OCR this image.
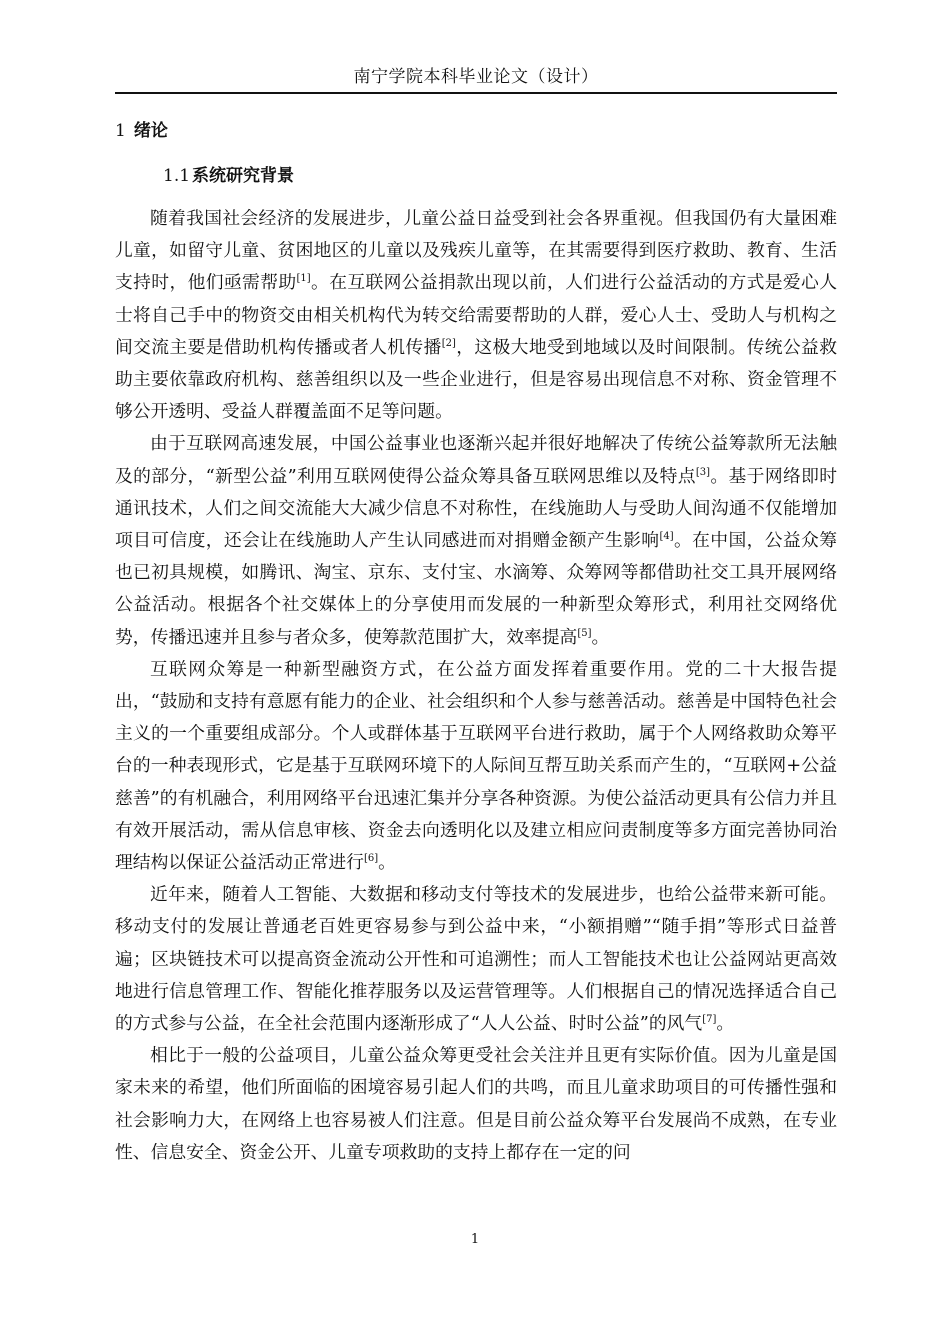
南宁学院本科毕业论文（设计）
1 绪论
1.1 系统研究背景

随着我国社会经济的发展进步，儿童公益日益受到社会各界重视。但我国仍有大量困难儿童，如留守儿童、贫困地区的儿童以及残疾儿童等，在其需要得到医疗救助、教育、生活支持时，他们亟需帮助[1]。在互联网公益捐款出现以前，人们进行公益活动的方式是爱心人士将自己手中的物资交由相关机构代为转交给需要帮助的人群，爱心人士、受助人与机构之间交流主要是借助机构传播或者人机传播[2]，这极大地受到地域以及时间限制。传统公益救助主要依靠政府机构、慈善组织以及一些企业进行，但是容易出现信息不对称、资金管理不够公开透明、受益人群覆盖面不足等问题。

由于互联网高速发展，中国公益事业也逐渐兴起并很好地解决了传统公益筹款所无法触及的部分，“新型公益”利用互联网使得公益众筹具备互联网思维以及特点[3]。基于网络即时通讯技术，人们之间交流能大大减少信息不对称性，在线施助人与受助人间沟通不仅能增加项目可信度，还会让在线施助人产生认同感进而对捐赠金额产生影响[4]。在中国，公益众筹也已初具规模，如腾讯、淘宝、京东、支付宝、水滴筹、众筹网等都借助社交工具开展网络公益活动。根据各个社交媒体上的分享使用而发展的一种新型众筹形式，利用社交网络优势，传播迅速并且参与者众多，使筹款范围扩大，效率提高[5]。

互联网众筹是一种新型融资方式，在公益方面发挥着重要作用。党的二十大报告提出，“鼓励和支持有意愿有能力的企业、社会组织和个人参与慈善活动。慈善是中国特色社会主义的一个重要组成部分。个人或群体基于互联网平台进行救助，属于个人网络救助众筹平台的一种表现形式，它是基于互联网环境下的人际间互帮互助关系而产生的，“互联网+公益慈善”的有机融合，利用网络平台迅速汇集并分享各种资源。为使公益活动更具有公信力并且有效开展活动，需从信息审核、资金去向透明化以及建立相应问责制度等多方面完善协同治理结构以保证公益活动正常进行[6]。

近年来，随着人工智能、大数据和移动支付等技术的发展进步，也给公益带来新可能。移动支付的发展让普通老百姓更容易参与到公益中来，“小额捐赠”“随手捐”等形式日益普遍；区块链技术可以提高资金流动公开性和可追溯性；而人工智能技术也让公益网站更高效地进行信息管理工作、智能化推荐服务以及运营管理等。人们根据自己的情况选择适合自己的方式参与公益，在全社会范围内逐渐形成了“人人公益、时时公益”的风气[7]。

相比于一般的公益项目，儿童公益众筹更受社会关注并且更有实际价值。因为儿童是国家未来的希望，他们所面临的困境容易引起人们的共鸣，而且儿童求助项目的可传播性强和社会影响力大，在网络上也容易被人们注意。但是目前公益众筹平台发展尚不成熟，在专业性、信息安全、资金公开、儿童专项救助的支持上都存在一定的问

1
